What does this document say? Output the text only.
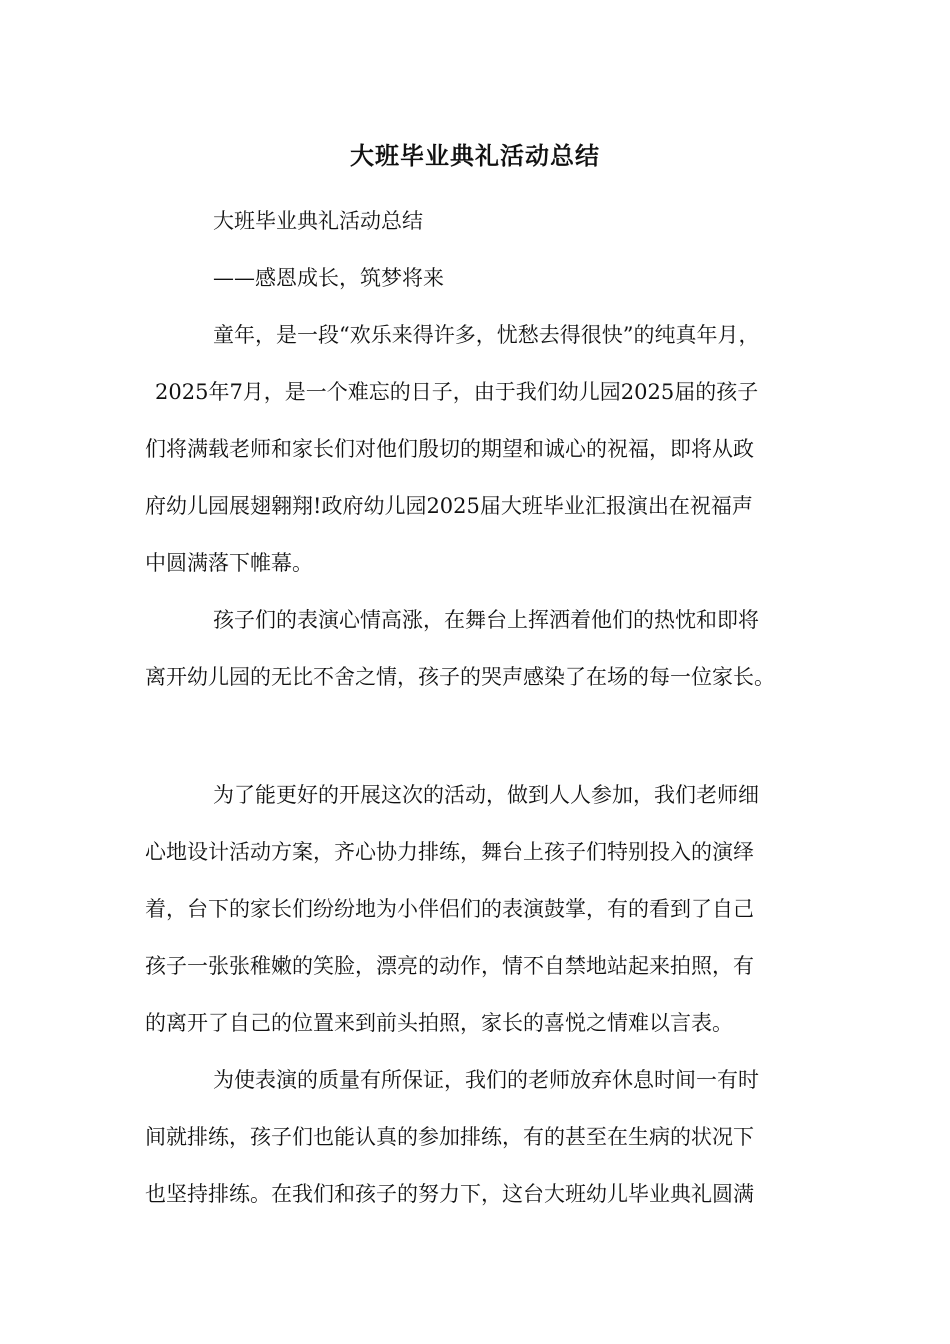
大班毕业典礼活动总结

大班毕业典礼活动总结

——感恩成长，筑梦将来

童年，是一段“欢乐来得许多，忧愁去得很快”的纯真年月，

2025年7月，是一个难忘的日子，由于我们幼儿园2025届的孩子

们将满载老师和家长们对他们殷切的期望和诚心的祝福，即将从政

府幼儿园展翅翱翔!政府幼儿园2025届大班毕业汇报演出在祝福声

中圆满落下帷幕。

孩子们的表演心情高涨，在舞台上挥洒着他们的热忱和即将

离开幼儿园的无比不舍之情，孩子的哭声感染了在场的每一位家长。

为了能更好的开展这次的活动，做到人人参加，我们老师细

心地设计活动方案，齐心协力排练，舞台上孩子们特别投入的演绎

着，台下的家长们纷纷地为小伴侣们的表演鼓掌，有的看到了自己

孩子一张张稚嫩的笑脸，漂亮的动作，情不自禁地站起来拍照，有

的离开了自己的位置来到前头拍照，家长的喜悦之情难以言表。

为使表演的质量有所保证，我们的老师放弃休息时间一有时

间就排练，孩子们也能认真的参加排练，有的甚至在生病的状况下

也坚持排练。在我们和孩子的努力下，这台大班幼儿毕业典礼圆满
